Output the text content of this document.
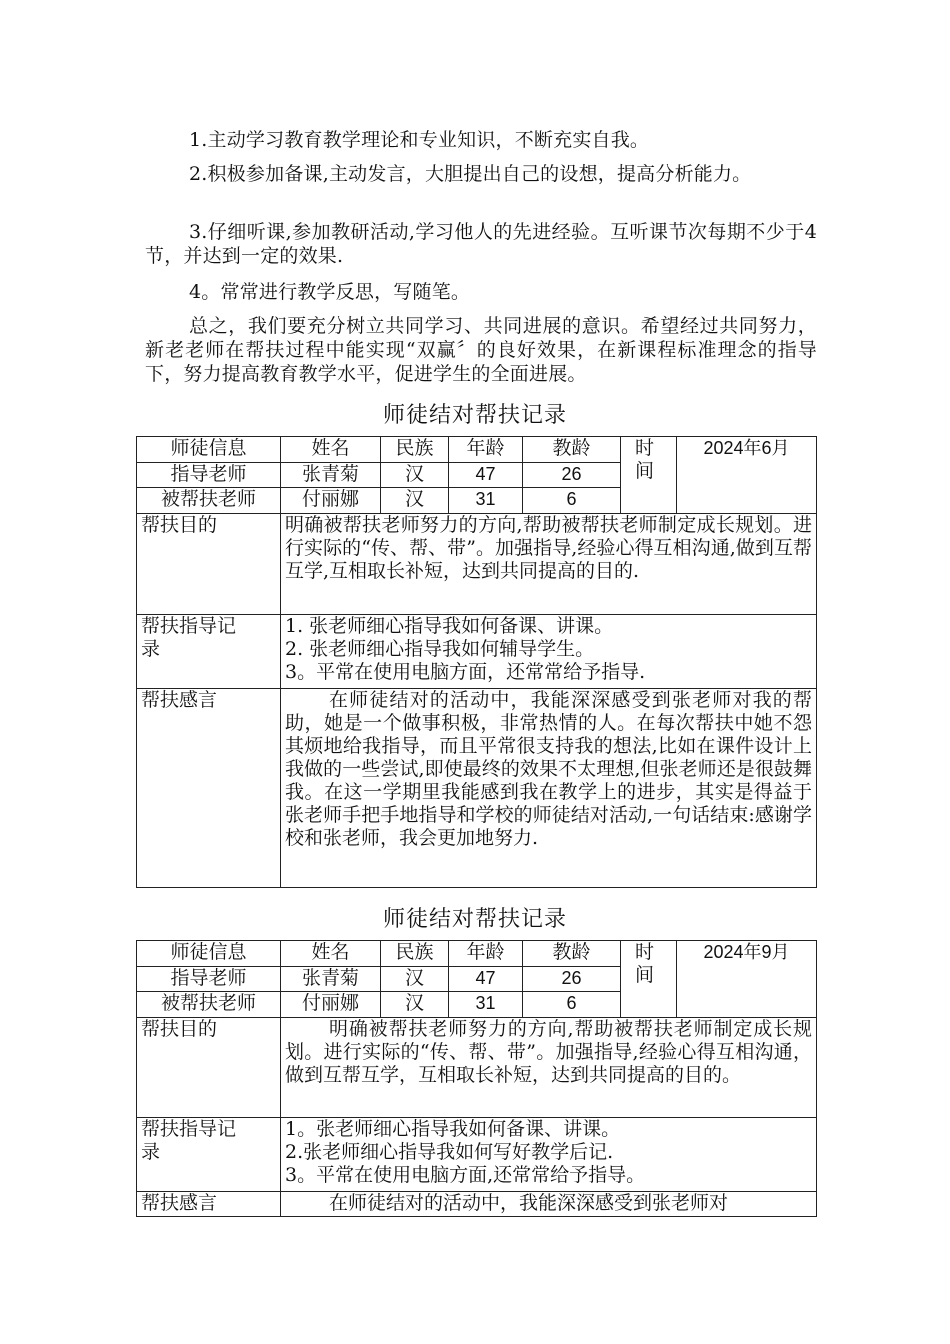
1.主动学习教育教学理论和专业知识，不断充实自我。

2.积极参加备课,主动发言，大胆提出自己的设想，提高分析能力。

3.仔细听课,参加教研活动,学习他人的先进经验。互听课节次每期不少于4节，并达到一定的效果.

4。常常进行教学反思，写随笔。

总之，我们要充分树立共同学习、共同进展的意识。希望经过共同努力，新老老师在帮扶过程中能实现“双赢〞的良好效果，在新课程标准理念的指导下，努力提高教育教学水平，促进学生的全面进展。

师徒结对帮扶记录
师徒信息	姓名	民族	年龄	教龄	时间	2024年6月
指导老师	张青菊	汉	47	26		
被帮扶老师	付丽娜	汉	31	6		
帮扶目的	明确被帮扶老师努力的方向,帮助被帮扶老师制定成长规划。进行实际的“传、帮、带”。加强指导,经验心得互相沟通,做到互帮互学,互相取长补短，达到共同提高的目的.					
帮扶指导记录	1. 张老师细心指导我如何备课、讲课。
2. 张老师细心指导我如何辅导学生。
3。平常在使用电脑方面，还常常给予指导.					

帮扶感言	在师徒结对的活动中，我能深深感受到张老师对我的帮助，她是一个做事积极，非常热情的人。在每次帮扶中她不怨其烦地给我指导，而且平常很支持我的想法,比如在课件设计上我做的一些尝试,即使最终的效果不太理想,但张老师还是很鼓舞我。在这一学期里我能感到我在教学上的进步，其实是得益于张老师手把手地指导和学校的师徒结对活动,一句话结束:感谢学校和张老师，我会更加地努力.					
师徒结对帮扶记录
师徒信息	姓名	民族	年龄	教龄	时间	2024年9月
指导老师	张青菊	汉	47	26		
被帮扶老师	付丽娜	汉	31	6		
帮扶目的	明确被帮扶老师努力的方向,帮助被帮扶老师制定成长规划。进行实际的“传、帮、带”。加强指导,经验心得互相沟通，做到互帮互学，互相取长补短，达到共同提高的目的。					
帮扶指导记录	1。张老师细心指导我如何备课、讲课。
2.张老师细心指导我如何写好教学后记.
3。平常在使用电脑方面,还常常给予指导。					

帮扶感言	在师徒结对的活动中，我能深深感受到张老师对					
